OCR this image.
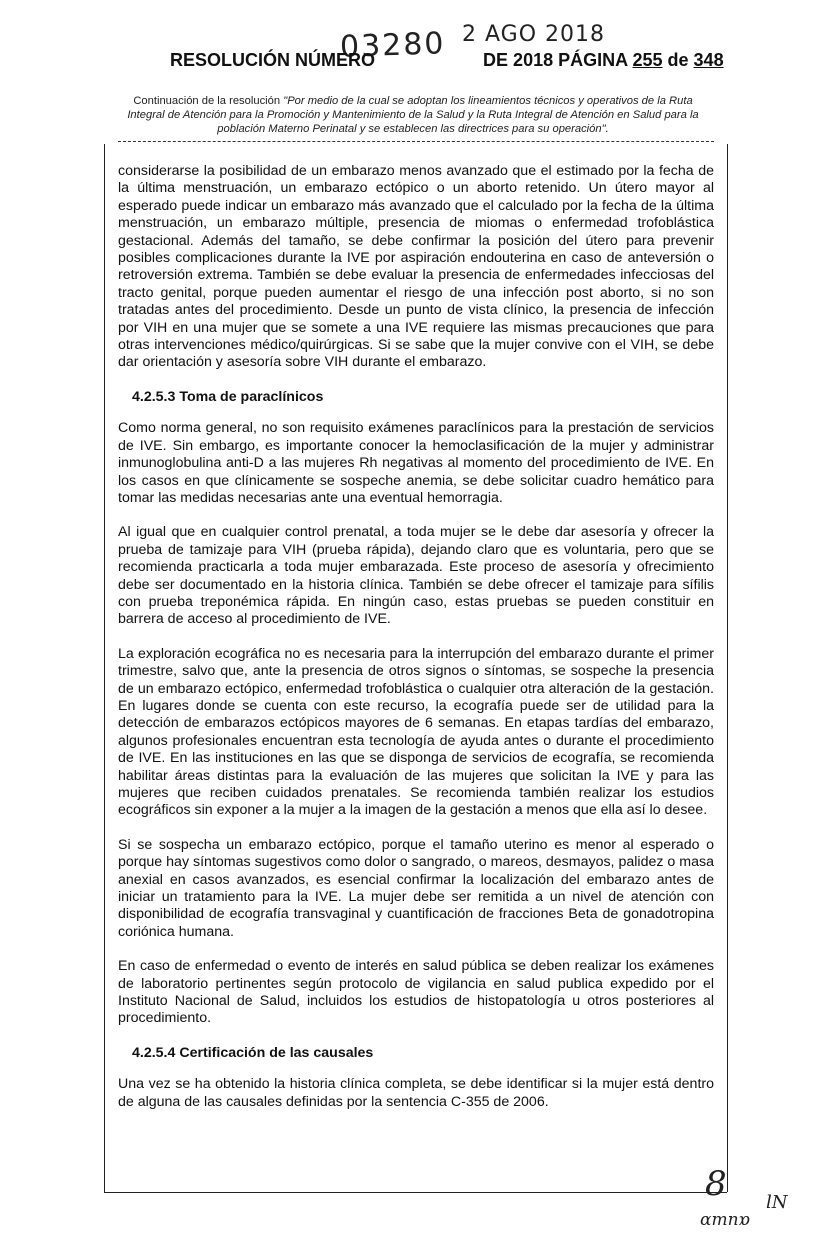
03280 2 AGO 2018
RESOLUCIÓN NÚMERO	DE 2018 PÁGINA 255 de 348
Continuación de la resolución "Por medio de la cual se adoptan los lineamientos técnicos y operativos de la Ruta Integral de Atención para la Promoción y Mantenimiento de la Salud y la Ruta Integral de Atención en Salud para la población Materno Perinatal y se establecen las directrices para su operación".

considerarse la posibilidad de un embarazo menos avanzado que el estimado por la fecha de la última menstruación, un embarazo ectópico o un aborto retenido. Un útero mayor al esperado puede indicar un embarazo más avanzado que el calculado por la fecha de la última menstruación, un embarazo múltiple, presencia de miomas o enfermedad trofoblástica gestacional. Además del tamaño, se debe confirmar la posición del útero para prevenir posibles complicaciones durante la IVE por aspiración endouterina en caso de anteversión o retroversión extrema. También se debe evaluar la presencia de enfermedades infecciosas del tracto genital, porque pueden aumentar el riesgo de una infección post aborto, si no son tratadas antes del procedimiento. Desde un punto de vista clínico, la presencia de infección por VIH en una mujer que se somete a una IVE requiere las mismas precauciones que para otras intervenciones médico/quirúrgicas. Si se sabe que la mujer convive con el VIH, se debe dar orientación y asesoría sobre VIH durante el embarazo.

4.2.5.3 Toma de paraclínicos

Como norma general, no son requisito exámenes paraclínicos para la prestación de servicios de IVE. Sin embargo, es importante conocer la hemoclasificación de la mujer y administrar inmunoglobulina anti-D a las mujeres Rh negativas al momento del procedimiento de IVE. En los casos en que clínicamente se sospeche anemia, se debe solicitar cuadro hemático para tomar las medidas necesarias ante una eventual hemorragia.

Al igual que en cualquier control prenatal, a toda mujer se le debe dar asesoría y ofrecer la prueba de tamizaje para VIH (prueba rápida), dejando claro que es voluntaria, pero que se recomienda practicarla a toda mujer embarazada. Este proceso de asesoría y ofrecimiento debe ser documentado en la historia clínica. También se debe ofrecer el tamizaje para sífilis con prueba treponémica rápida. En ningún caso, estas pruebas se pueden constituir en barrera de acceso al procedimiento de IVE.

La exploración ecográfica no es necesaria para la interrupción del embarazo durante el primer trimestre, salvo que, ante la presencia de otros signos o síntomas, se sospeche la presencia de un embarazo ectópico, enfermedad trofoblástica o cualquier otra alteración de la gestación. En lugares donde se cuenta con este recurso, la ecografía puede ser de utilidad para la detección de embarazos ectópicos mayores de 6 semanas. En etapas tardías del embarazo, algunos profesionales encuentran esta tecnología de ayuda antes o durante el procedimiento de IVE. En las instituciones en las que se disponga de servicios de ecografía, se recomienda habilitar áreas distintas para la evaluación de las mujeres que solicitan la IVE y para las mujeres que reciben cuidados prenatales. Se recomienda también realizar los estudios ecográficos sin exponer a la mujer a la imagen de la gestación a menos que ella así lo desee.

Si se sospecha un embarazo ectópico, porque el tamaño uterino es menor al esperado o porque hay síntomas sugestivos como dolor o sangrado, o mareos, desmayos, palidez o masa anexial en casos avanzados, es esencial confirmar la localización del embarazo antes de iniciar un tratamiento para la IVE. La mujer debe ser remitida a un nivel de atención con disponibilidad de ecografía transvaginal y cuantificación de fracciones Beta de gonadotropina coriónica humana.

En caso de enfermedad o evento de interés en salud pública se deben realizar los exámenes de laboratorio pertinentes según protocolo de vigilancia en salud publica expedido por el Instituto Nacional de Salud, incluidos los estudios de histopatología u otros posteriores al procedimiento.

4.2.5.4 Certificación de las causales

Una vez se ha obtenido la historia clínica completa, se debe identificar si la mujer está dentro de alguna de las causales definidas por la sentencia C-355 de 2006.

8 lN
ɑmnɒ
